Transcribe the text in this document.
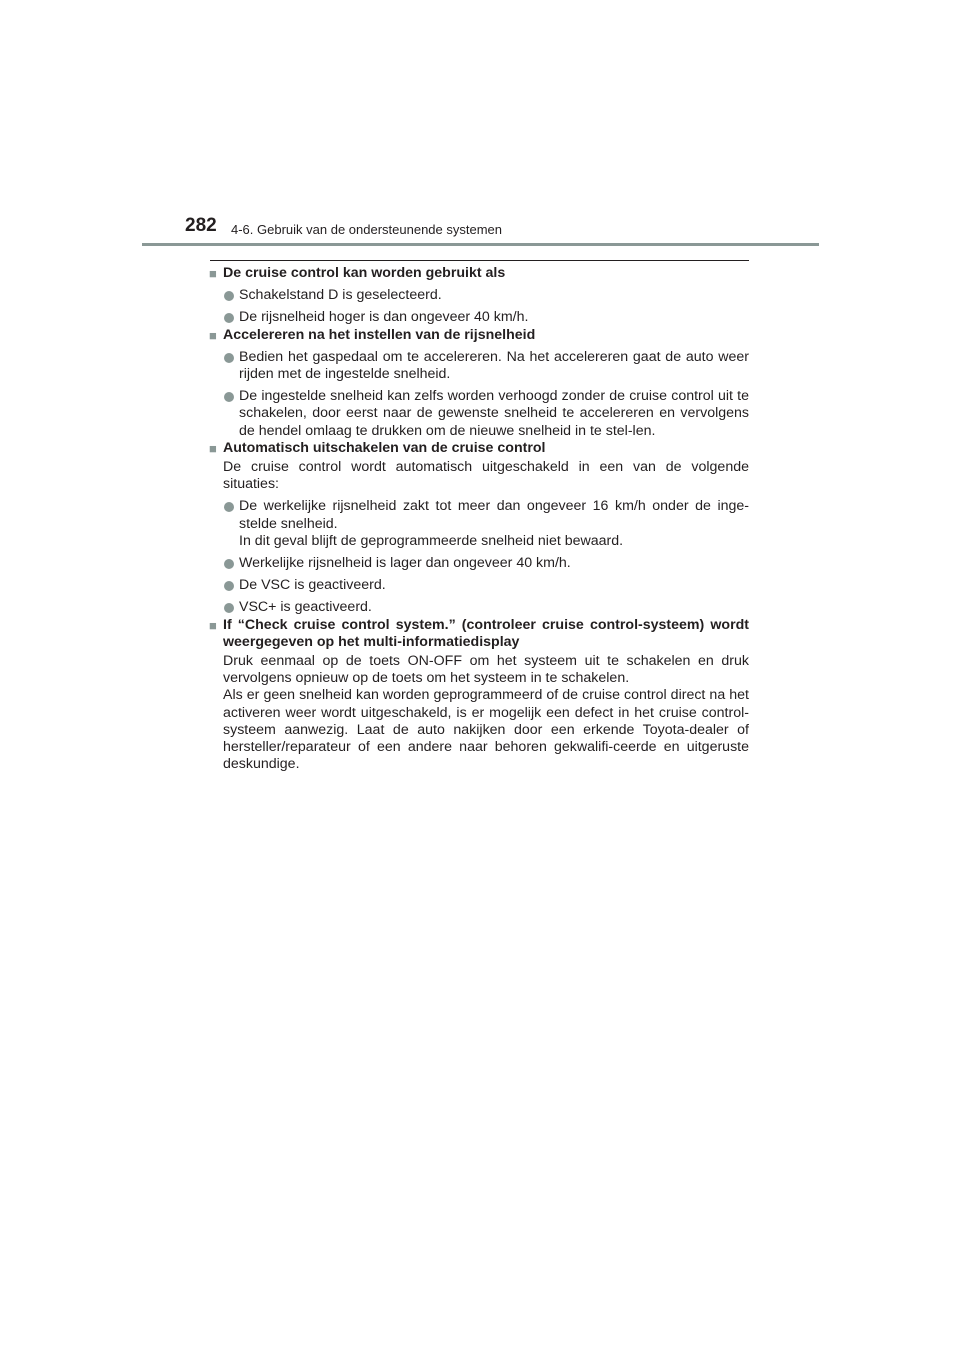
282 4-6. Gebruik van de ondersteunende systemen
■ De cruise control kan worden gebruikt als
Schakelstand D is geselecteerd.
De rijsnelheid hoger is dan ongeveer 40 km/h.
■ Accelereren na het instellen van de rijsnelheid
Bedien het gaspedaal om te accelereren. Na het accelereren gaat de auto weer rijden met de ingestelde snelheid.
De ingestelde snelheid kan zelfs worden verhoogd zonder de cruise control uit te schakelen, door eerst naar de gewenste snelheid te accelereren en vervolgens de hendel omlaag te drukken om de nieuwe snelheid in te stel-len.
■ Automatisch uitschakelen van de cruise control
De cruise control wordt automatisch uitgeschakeld in een van de volgende situaties:
De werkelijke rijsnelheid zakt tot meer dan ongeveer 16 km/h onder de inge-stelde snelheid.
In dit geval blijft de geprogrammeerde snelheid niet bewaard.
Werkelijke rijsnelheid is lager dan ongeveer 40 km/h.
De VSC is geactiveerd.
VSC+ is geactiveerd.
■ If “Check cruise control system.” (controleer cruise control-systeem) wordt weergegeven op het multi-informatiedisplay
Druk eenmaal op de toets ON-OFF om het systeem uit te schakelen en druk vervolgens opnieuw op de toets om het systeem in te schakelen.
Als er geen snelheid kan worden geprogrammeerd of de cruise control direct na het activeren weer wordt uitgeschakeld, is er mogelijk een defect in het cruise control-systeem aanwezig. Laat de auto nakijken door een erkende Toyota-dealer of hersteller/reparateur of een andere naar behoren gekwalifi-ceerde en uitgeruste deskundige.
